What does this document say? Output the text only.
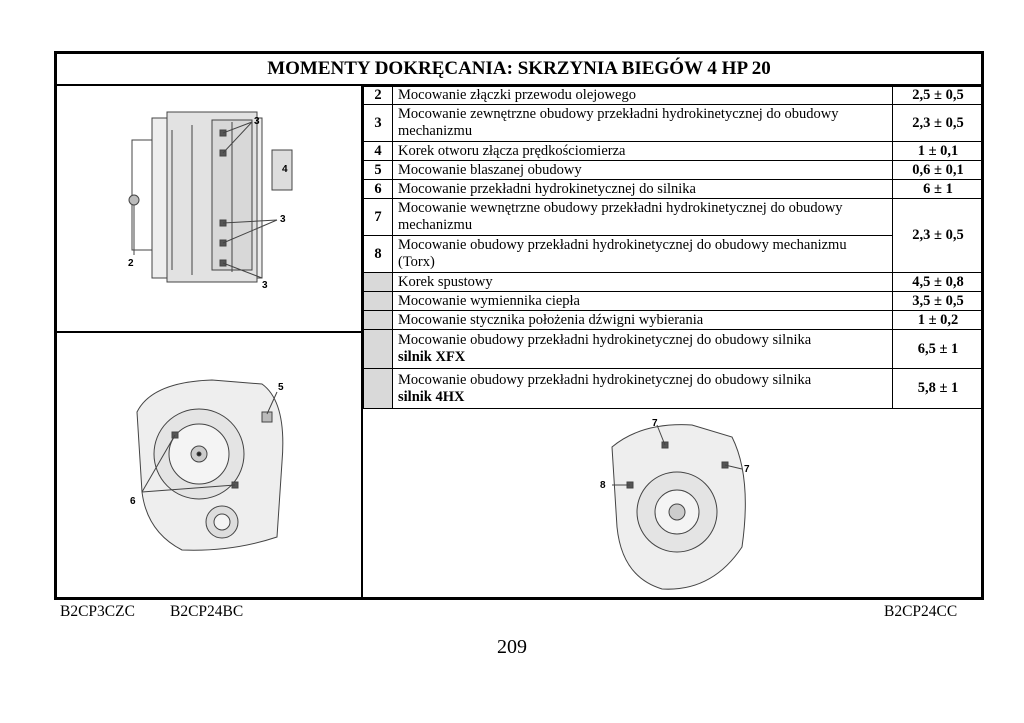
MOMENTY DOKRĘCANIA: SKRZYNIA BIEGÓW 4 HP 20
2	Mocowanie złączki przewodu olejowego	2,5 ± 0,5
3	Mocowanie zewnętrzne obudowy przekładni hydrokinetycznej do obudowy mechanizmu	2,3 ± 0,5
4	Korek otworu złącza prędkościomierza	1 ± 0,1
5	Mocowanie blaszanej obudowy	0,6 ± 0,1
6	Mocowanie przekładni hydrokinetycznej do silnika	6 ± 1
7	Mocowanie wewnętrzne obudowy przekładni hydrokinetycznej do obudowy mechanizmu	2,3 ± 0,5
8	Mocowanie obudowy przekładni hydrokinetycznej do obudowy mechanizmu (Torx)	
	Korek spustowy	4,5 ± 0,8
	Mocowanie wymiennika ciepła	3,5 ± 0,5
	Mocowanie stycznika położenia dźwigni wybierania	1 ± 0,2
	Mocowanie obudowy przekładni hydrokinetycznej do obudowy silnika
silnik XFX	6,5 ± 1
	Mocowanie obudowy przekładni hydrokinetycznej do obudowy silnika
silnik 4HX	5,8 ± 1
3
4
3
2
3
5
6
7
7
8
B2CP3CZC B2CP24BC	B2CP24CC
209
